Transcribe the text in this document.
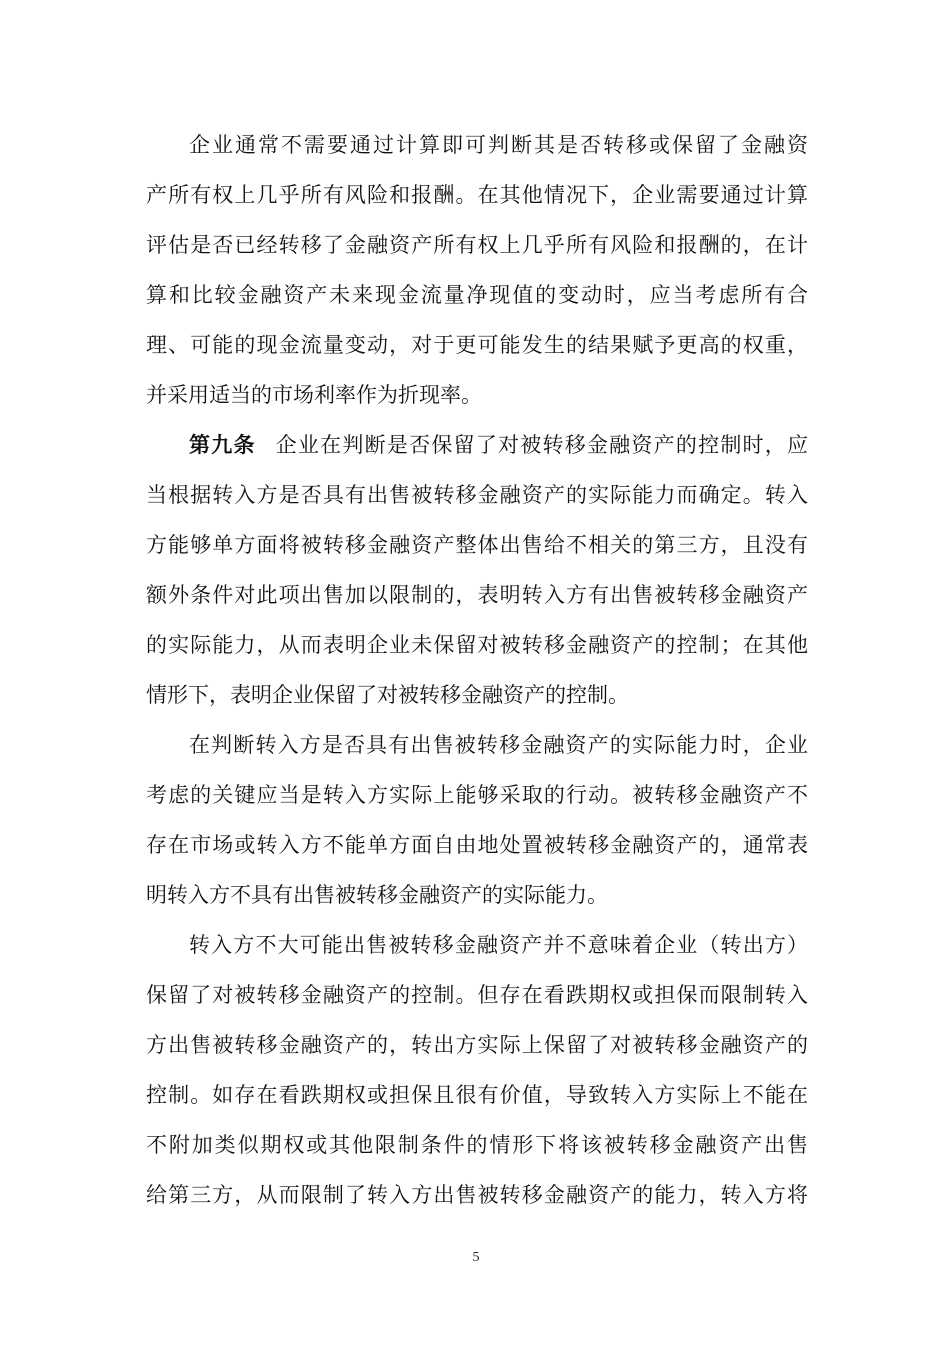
企业通常不需要通过计算即可判断其是否转移或保留了金融资
产所有权上几乎所有风险和报酬。在其他情况下，企业需要通过计算
评估是否已经转移了金融资产所有权上几乎所有风险和报酬的，在计
算和比较金融资产未来现金流量净现值的变动时，应当考虑所有合
理、可能的现金流量变动，对于更可能发生的结果赋予更高的权重，
并采用适当的市场利率作为折现率。
第九条 企业在判断是否保留了对被转移金融资产的控制时，应
当根据转入方是否具有出售被转移金融资产的实际能力而确定。转入
方能够单方面将被转移金融资产整体出售给不相关的第三方，且没有
额外条件对此项出售加以限制的，表明转入方有出售被转移金融资产
的实际能力，从而表明企业未保留对被转移金融资产的控制；在其他
情形下，表明企业保留了对被转移金融资产的控制。
在判断转入方是否具有出售被转移金融资产的实际能力时，企业
考虑的关键应当是转入方实际上能够采取的行动。被转移金融资产不
存在市场或转入方不能单方面自由地处置被转移金融资产的，通常表
明转入方不具有出售被转移金融资产的实际能力。
转入方不大可能出售被转移金融资产并不意味着企业（转出方）
保留了对被转移金融资产的控制。但存在看跌期权或担保而限制转入
方出售被转移金融资产的，转出方实际上保留了对被转移金融资产的
控制。如存在看跌期权或担保且很有价值，导致转入方实际上不能在
不附加类似期权或其他限制条件的情形下将该被转移金融资产出售
给第三方，从而限制了转入方出售被转移金融资产的能力，转入方将
5
